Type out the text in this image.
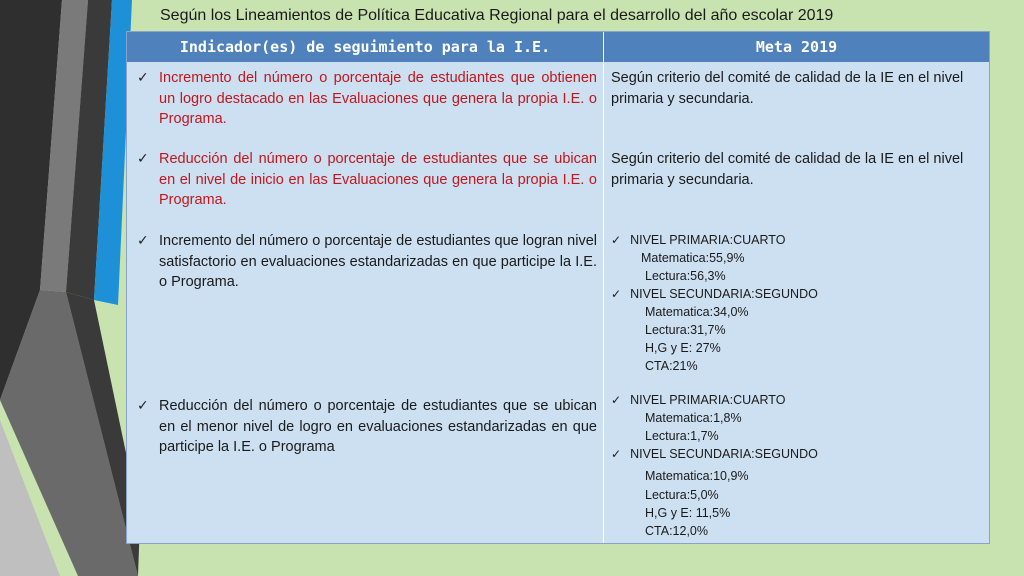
Según los Lineamientos de Política Educativa Regional para el desarrollo del año escolar 2019
Indicador(es) de seguimiento para la I.E.	Meta 2019
✓ Incremento del número o porcentaje de estudiantes que obtienen un logro destacado en las Evaluaciones que genera la propia I.E. o Programa.
✓ Reducción del número o porcentaje de estudiantes que se ubican en el nivel de inicio en las Evaluaciones que genera la propia I.E. o Programa.
✓ Incremento del número o porcentaje de estudiantes que logran nivel satisfactorio en evaluaciones estandarizadas en que participe la I.E. o Programa.
✓ Reducción del número o porcentaje de estudiantes que se ubican en el menor nivel de logro en evaluaciones estandarizadas en que participe la I.E. o Programa
Según criterio del comité de calidad de la IE en el nivel primaria y secundaria.
Según criterio del comité de calidad de la IE en el nivel primaria y secundaria.
✓ NIVEL PRIMARIA:CUARTO
Matematica:55,9%
Lectura:56,3%
✓ NIVEL SECUNDARIA:SEGUNDO
Matematica:34,0%
Lectura:31,7%
H,G y E: 27%
CTA:21%
✓ NIVEL PRIMARIA:CUARTO
Matematica:1,8%
Lectura:1,7%
✓ NIVEL SECUNDARIA:SEGUNDO
Matematica:10,9%
Lectura:5,0%
H,G y E: 11,5%
CTA:12,0%
